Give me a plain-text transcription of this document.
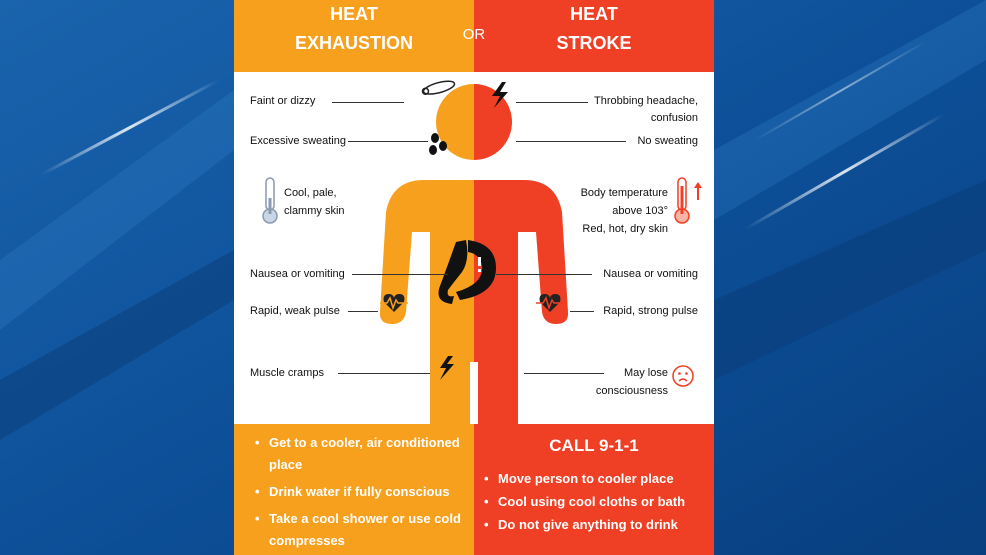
HEAT
EXHAUSTION
HEAT
STROKE
OR
Faint or dizzy
Excessive sweating
Cool, pale,
clammy skin
Nausea or vomiting
Rapid, weak pulse
Muscle cramps
Throbbing headache,
confusion
No sweating
Body temperature
above 103°
Red, hot, dry skin
Nausea or vomiting
Rapid, strong pulse
May lose
consciousness
• Get to a cooler, air conditioned place
• Drink water if fully conscious
• Take a cool shower or use cold compresses
CALL 9-1-1
• Move person to cooler place
• Cool using cool cloths or bath
• Do not give anything to drink
